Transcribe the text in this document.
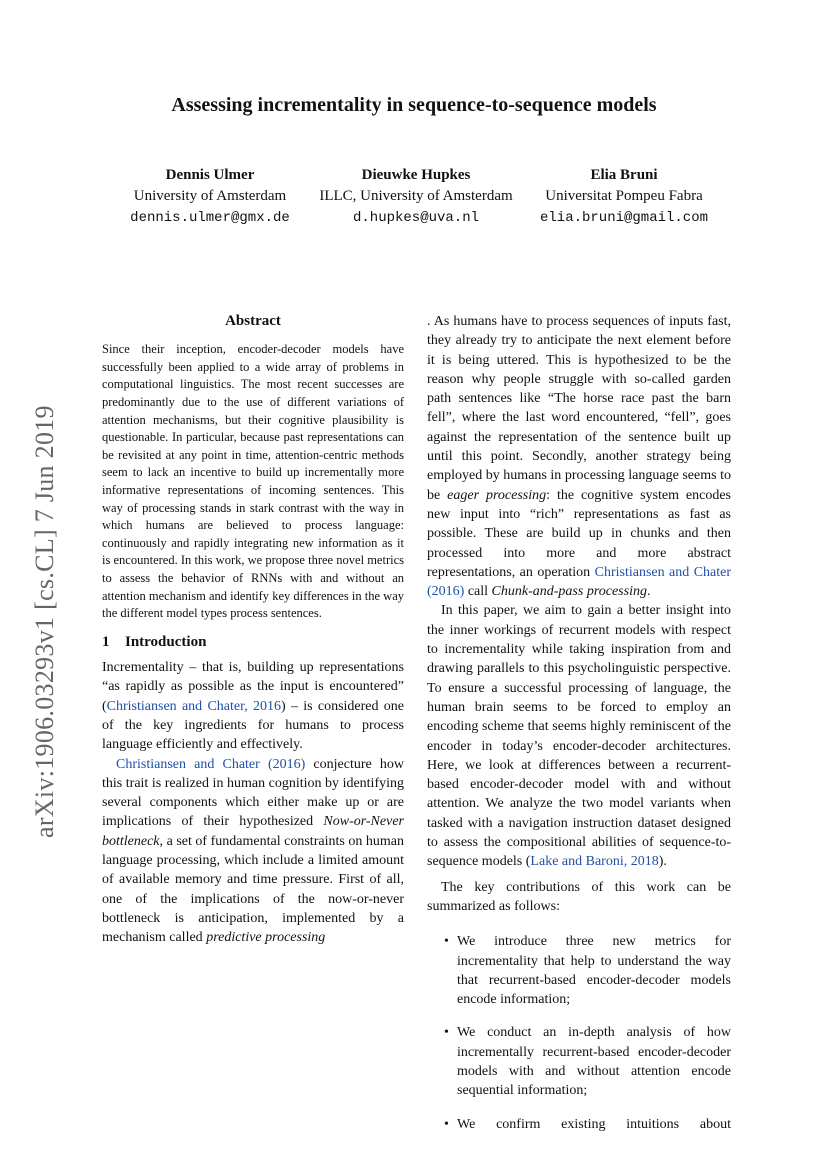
arXiv:1906.03293v1 [cs.CL] 7 Jun 2019
Assessing incrementality in sequence-to-sequence models
Dennis Ulmer
University of Amsterdam
dennis.ulmer@gmx.de
Dieuwke Hupkes
ILLC, University of Amsterdam
d.hupkes@uva.nl
Elia Bruni
Universitat Pompeu Fabra
elia.bruni@gmail.com
Abstract

Since their inception, encoder-decoder models have successfully been applied to a wide array of problems in computational linguistics. The most recent successes are predominantly due to the use of different variations of attention mechanisms, but their cognitive plausibility is questionable. In particular, because past representations can be revisited at any point in time, attention-centric methods seem to lack an incentive to build up incrementally more informative representations of incoming sentences. This way of processing stands in stark contrast with the way in which humans are believed to process language: continuously and rapidly integrating new information as it is encountered. In this work, we propose three novel metrics to assess the behavior of RNNs with and without an attention mechanism and identify key differences in the way the different model types process sentences.

1 Introduction

Incrementality – that is, building up representations “as rapidly as possible as the input is encountered” (Christiansen and Chater, 2016) – is considered one of the key ingredients for humans to process language efficiently and effectively.

Christiansen and Chater (2016) conjecture how this trait is realized in human cognition by identifying several components which either make up or are implications of their hypothesized Now-or-Never bottleneck, a set of fundamental constraints on human language processing, which include a limited amount of available memory and time pressure. First of all, one of the implications of the now-or-never bottleneck is anticipation, implemented by a mechanism called predictive processing

. As humans have to process sequences of inputs fast, they already try to anticipate the next element before it is being uttered. This is hypothesized to be the reason why people struggle with so-called garden path sentences like “The horse race past the barn fell”, where the last word encountered, “fell”, goes against the representation of the sentence built up until this point. Secondly, another strategy being employed by humans in processing language seems to be eager processing: the cognitive system encodes new input into “rich” representations as fast as possible. These are build up in chunks and then processed into more and more abstract representations, an operation Christiansen and Chater (2016) call Chunk-and-pass processing.

In this paper, we aim to gain a better insight into the inner workings of recurrent models with respect to incrementality while taking inspiration from and drawing parallels to this psycholinguistic perspective. To ensure a successful processing of language, the human brain seems to be forced to employ an encoding scheme that seems highly reminiscent of the encoder in today’s encoder-decoder architectures. Here, we look at differences between a recurrent-based encoder-decoder model with and without attention. We analyze the two model variants when tasked with a navigation instruction dataset designed to assess the compositional abilities of sequence-to-sequence models (Lake and Baroni, 2018).

The key contributions of this work can be summarized as follows:

• We introduce three new metrics for incrementality that help to understand the way that recurrent-based encoder-decoder models encode information;
• We conduct an in-depth analysis of how incrementally recurrent-based encoder-decoder models with and without attention encode sequential information;
• We confirm existing intuitions about
